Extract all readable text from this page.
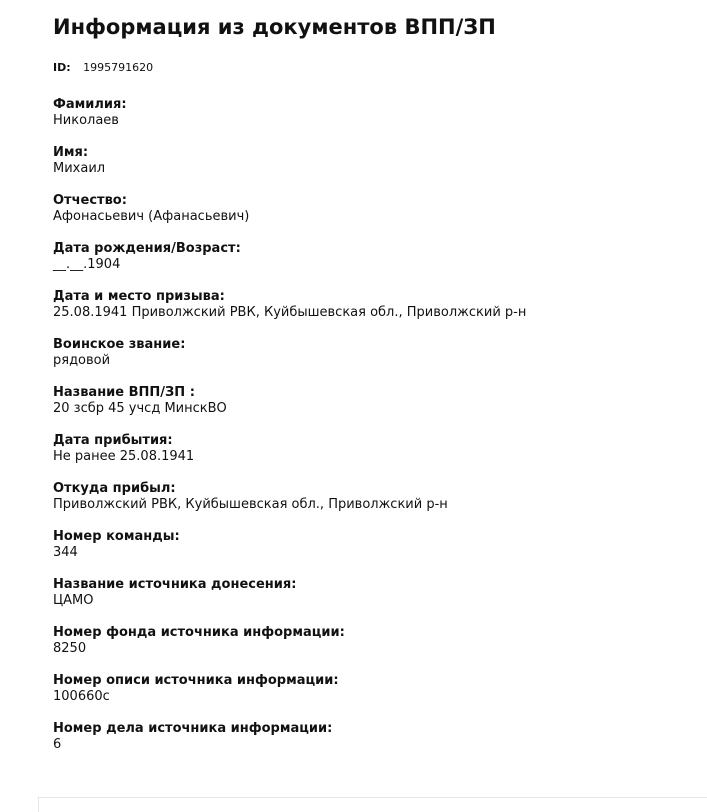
Информация из документов ВПП/ЗП
ID: 1995791620
Фамилия:
Николаев
Имя:
Михаил
Отчество:
Афонасьевич (Афанасьевич)
Дата рождения/Возраст:
__.__.1904
Дата и место призыва:
25.08.1941 Приволжский РВК, Куйбышевская обл., Приволжский р-н
Воинское звание:
рядовой
Название ВПП/ЗП :
20 зсбр 45 учсд МинскВО
Дата прибытия:
Не ранее 25.08.1941
Откуда прибыл:
Приволжский РВК, Куйбышевская обл., Приволжский р-н
Номер команды:
344
Название источника донесения:
ЦАМО
Номер фонда источника информации:
8250
Номер описи источника информации:
100660с
Номер дела источника информации:
6
